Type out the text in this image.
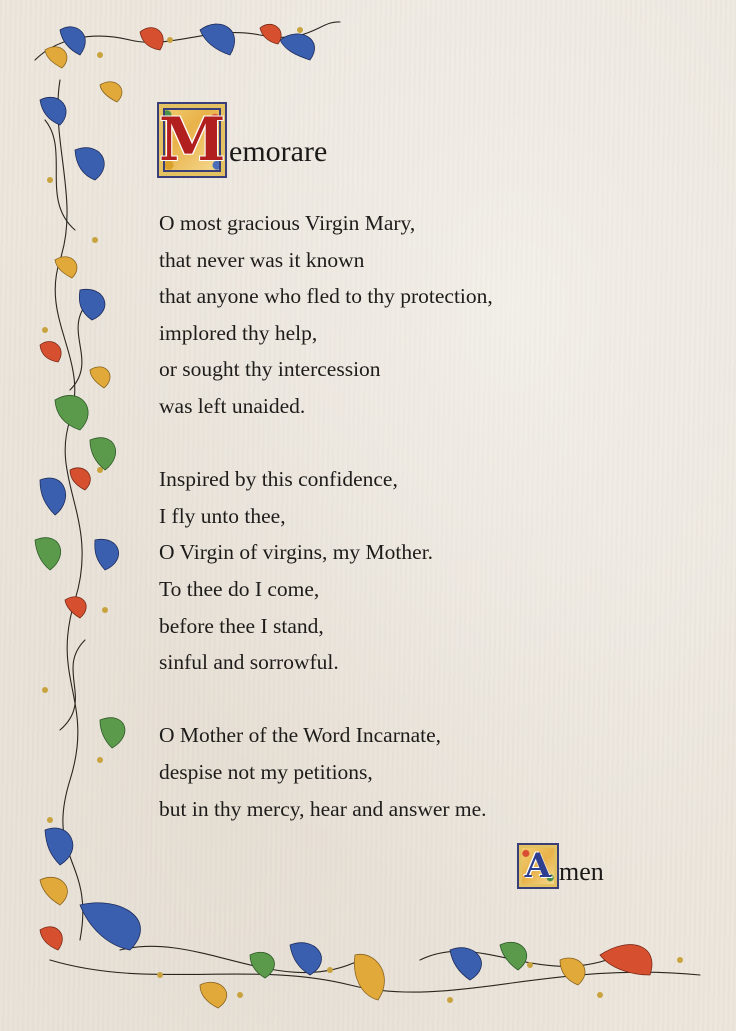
M emorare
O most gracious Virgin Mary,
that never was it known
that anyone who fled to thy protection,
implored thy help,
or sought thy intercession
was left unaided.
Inspired by this confidence,
I fly unto thee,
O Virgin of virgins, my Mother.
To thee do I come,
before thee I stand,
sinful and sorrowful.
O Mother of the Word Incarnate,
despise not my petitions,
but in thy mercy, hear and answer me.
A men
